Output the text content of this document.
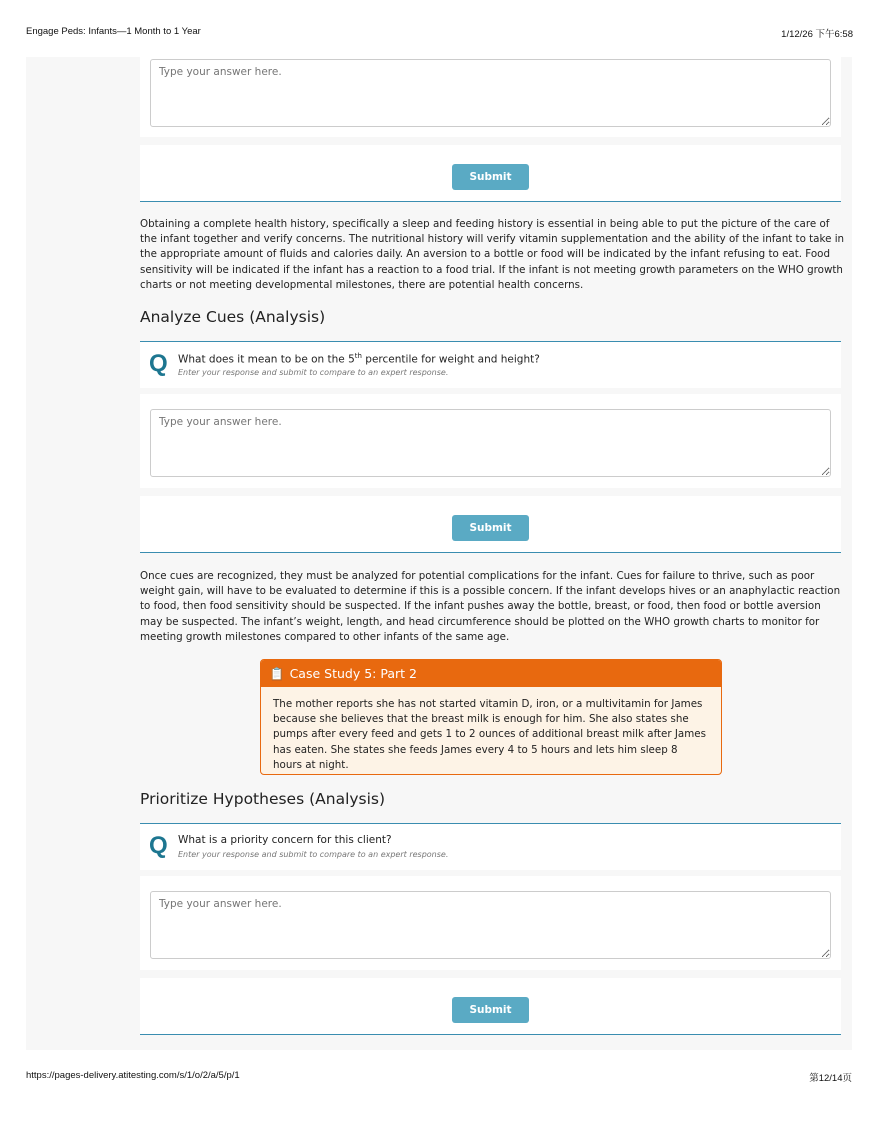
Engage Peds: Infants—1 Month to 1 Year	1/12/26 下午6:58
Type your answer here.
Submit
Obtaining a complete health history, specifically a sleep and feeding history is essential in being able to put the picture of the care of the infant together and verify concerns. The nutritional history will verify vitamin supplementation and the ability of the infant to take in the appropriate amount of fluids and calories daily. An aversion to a bottle or food will be indicated by the infant refusing to eat. Food sensitivity will be indicated if the infant has a reaction to a food trial. If the infant is not meeting growth parameters on the WHO growth charts or not meeting developmental milestones, there are potential health concerns.
Analyze Cues (Analysis)
Q What does it mean to be on the 5th percentile for weight and height?
Enter your response and submit to compare to an expert response.
Type your answer here.
Submit
Once cues are recognized, they must be analyzed for potential complications for the infant. Cues for failure to thrive, such as poor weight gain, will have to be evaluated to determine if this is a possible concern. If the infant develops hives or an anaphylactic reaction to food, then food sensitivity should be suspected. If the infant pushes away the bottle, breast, or food, then food or bottle aversion may be suspected. The infant’s weight, length, and head circumference should be plotted on the WHO growth charts to monitor for meeting growth milestones compared to other infants of the same age.
📋 Case Study 5: Part 2
The mother reports she has not started vitamin D, iron, or a multivitamin for James because she believes that the breast milk is enough for him. She also states she pumps after every feed and gets 1 to 2 ounces of additional breast milk after James has eaten. She states she feeds James every 4 to 5 hours and lets him sleep 8 hours at night.
Prioritize Hypotheses (Analysis)
Q What is a priority concern for this client?
Enter your response and submit to compare to an expert response.
Type your answer here.
Submit
https://pages-delivery.atitesting.com/s/1/o/2/a/5/p/1	第12/14页
